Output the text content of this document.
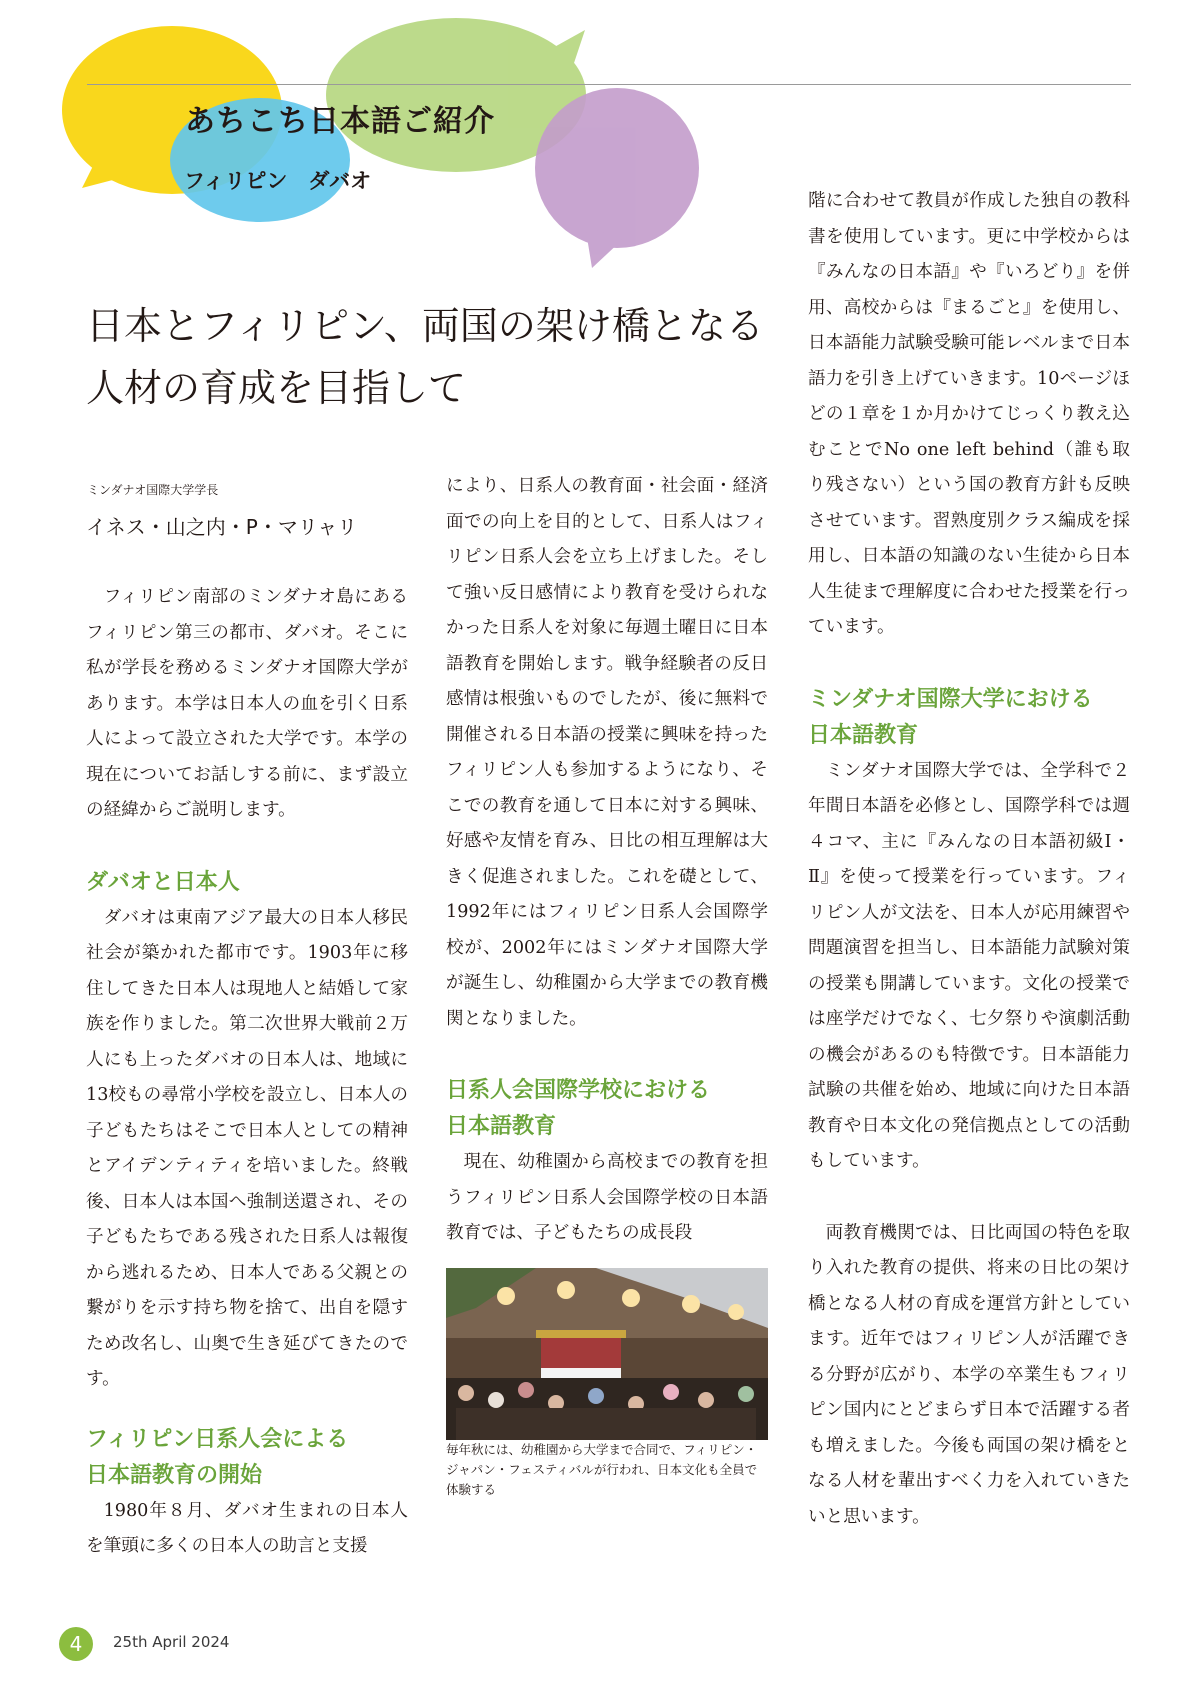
あちこち日本語ご紹介
フィリピン　ダバオ
日本とフィリピン、両国の架け橋となる
人材の育成を目指して
ミンダナオ国際大学学長
イネス・山之内・P・マリャリ

フィリピン南部のミンダナオ島にあるフィリピン第三の都市、ダバオ。そこに私が学長を務めるミンダナオ国際大学があります。本学は日本人の血を引く日系人によって設立された大学です。本学の現在についてお話しする前に、まず設立の経緯からご説明します。

ダバオと日本人

ダバオは東南アジア最大の日本人移民社会が築かれた都市です。1903年に移住してきた日本人は現地人と結婚して家族を作りました。第二次世界大戦前２万人にも上ったダバオの日本人は、地域に13校もの尋常小学校を設立し、日本人の子どもたちはそこで日本人としての精神とアイデンティティを培いました。終戦後、日本人は本国へ強制送還され、その子どもたちである残された日系人は報復から逃れるため、日本人である父親との繋がりを示す持ち物を捨て、出自を隠すため改名し、山奥で生き延びてきたのです。

フィリピン日系人会による
日本語教育の開始

1980年８月、ダバオ生まれの日本人を筆頭に多くの日本人の助言と支援

により、日系人の教育面・社会面・経済面での向上を目的として、日系人はフィリピン日系人会を立ち上げました。そして強い反日感情により教育を受けられなかった日系人を対象に毎週土曜日に日本語教育を開始します。戦争経験者の反日感情は根強いものでしたが、後に無料で開催される日本語の授業に興味を持ったフィリピン人も参加するようになり、そこでの教育を通して日本に対する興味、好感や友情を育み、日比の相互理解は大きく促進されました。これを礎として、1992年にはフィリピン日系人会国際学校が、2002年にはミンダナオ国際大学が誕生し、幼稚園から大学までの教育機関となりました。

日系人会国際学校における
日本語教育

現在、幼稚園から高校までの教育を担うフィリピン日系人会国際学校の日本語教育では、子どもたちの成長段

毎年秋には、幼稚園から大学まで合同で、フィリピン・ジャパン・フェスティバルが行われ、日本文化も全員で体験する

階に合わせて教員が作成した独自の教科書を使用しています。更に中学校からは『みんなの日本語』や『いろどり』を併用、高校からは『まるごと』を使用し、日本語能力試験受験可能レベルまで日本語力を引き上げていきます。10ページほどの１章を１か月かけてじっくり教え込むことでNo one left behind（誰も取り残さない）という国の教育方針も反映させています。習熟度別クラス編成を採用し、日本語の知識のない生徒から日本人生徒まで理解度に合わせた授業を行っています。

ミンダナオ国際大学における
日本語教育

ミンダナオ国際大学では、全学科で２年間日本語を必修とし、国際学科では週４コマ、主に『みんなの日本語初級Ⅰ・Ⅱ』を使って授業を行っています。フィリピン人が文法を、日本人が応用練習や問題演習を担当し、日本語能力試験対策の授業も開講しています。文化の授業では座学だけでなく、七夕祭りや演劇活動の機会があるのも特徴です。日本語能力試験の共催を始め、地域に向けた日本語教育や日本文化の発信拠点としての活動もしています。

両教育機関では、日比両国の特色を取り入れた教育の提供、将来の日比の架け橋となる人材の育成を運営方針としています。近年ではフィリピン人が活躍できる分野が広がり、本学の卒業生もフィリピン国内にとどまらず日本で活躍する者も増えました。今後も両国の架け橋をとなる人材を輩出すべく力を入れていきたいと思います。

4	25th April 2024
